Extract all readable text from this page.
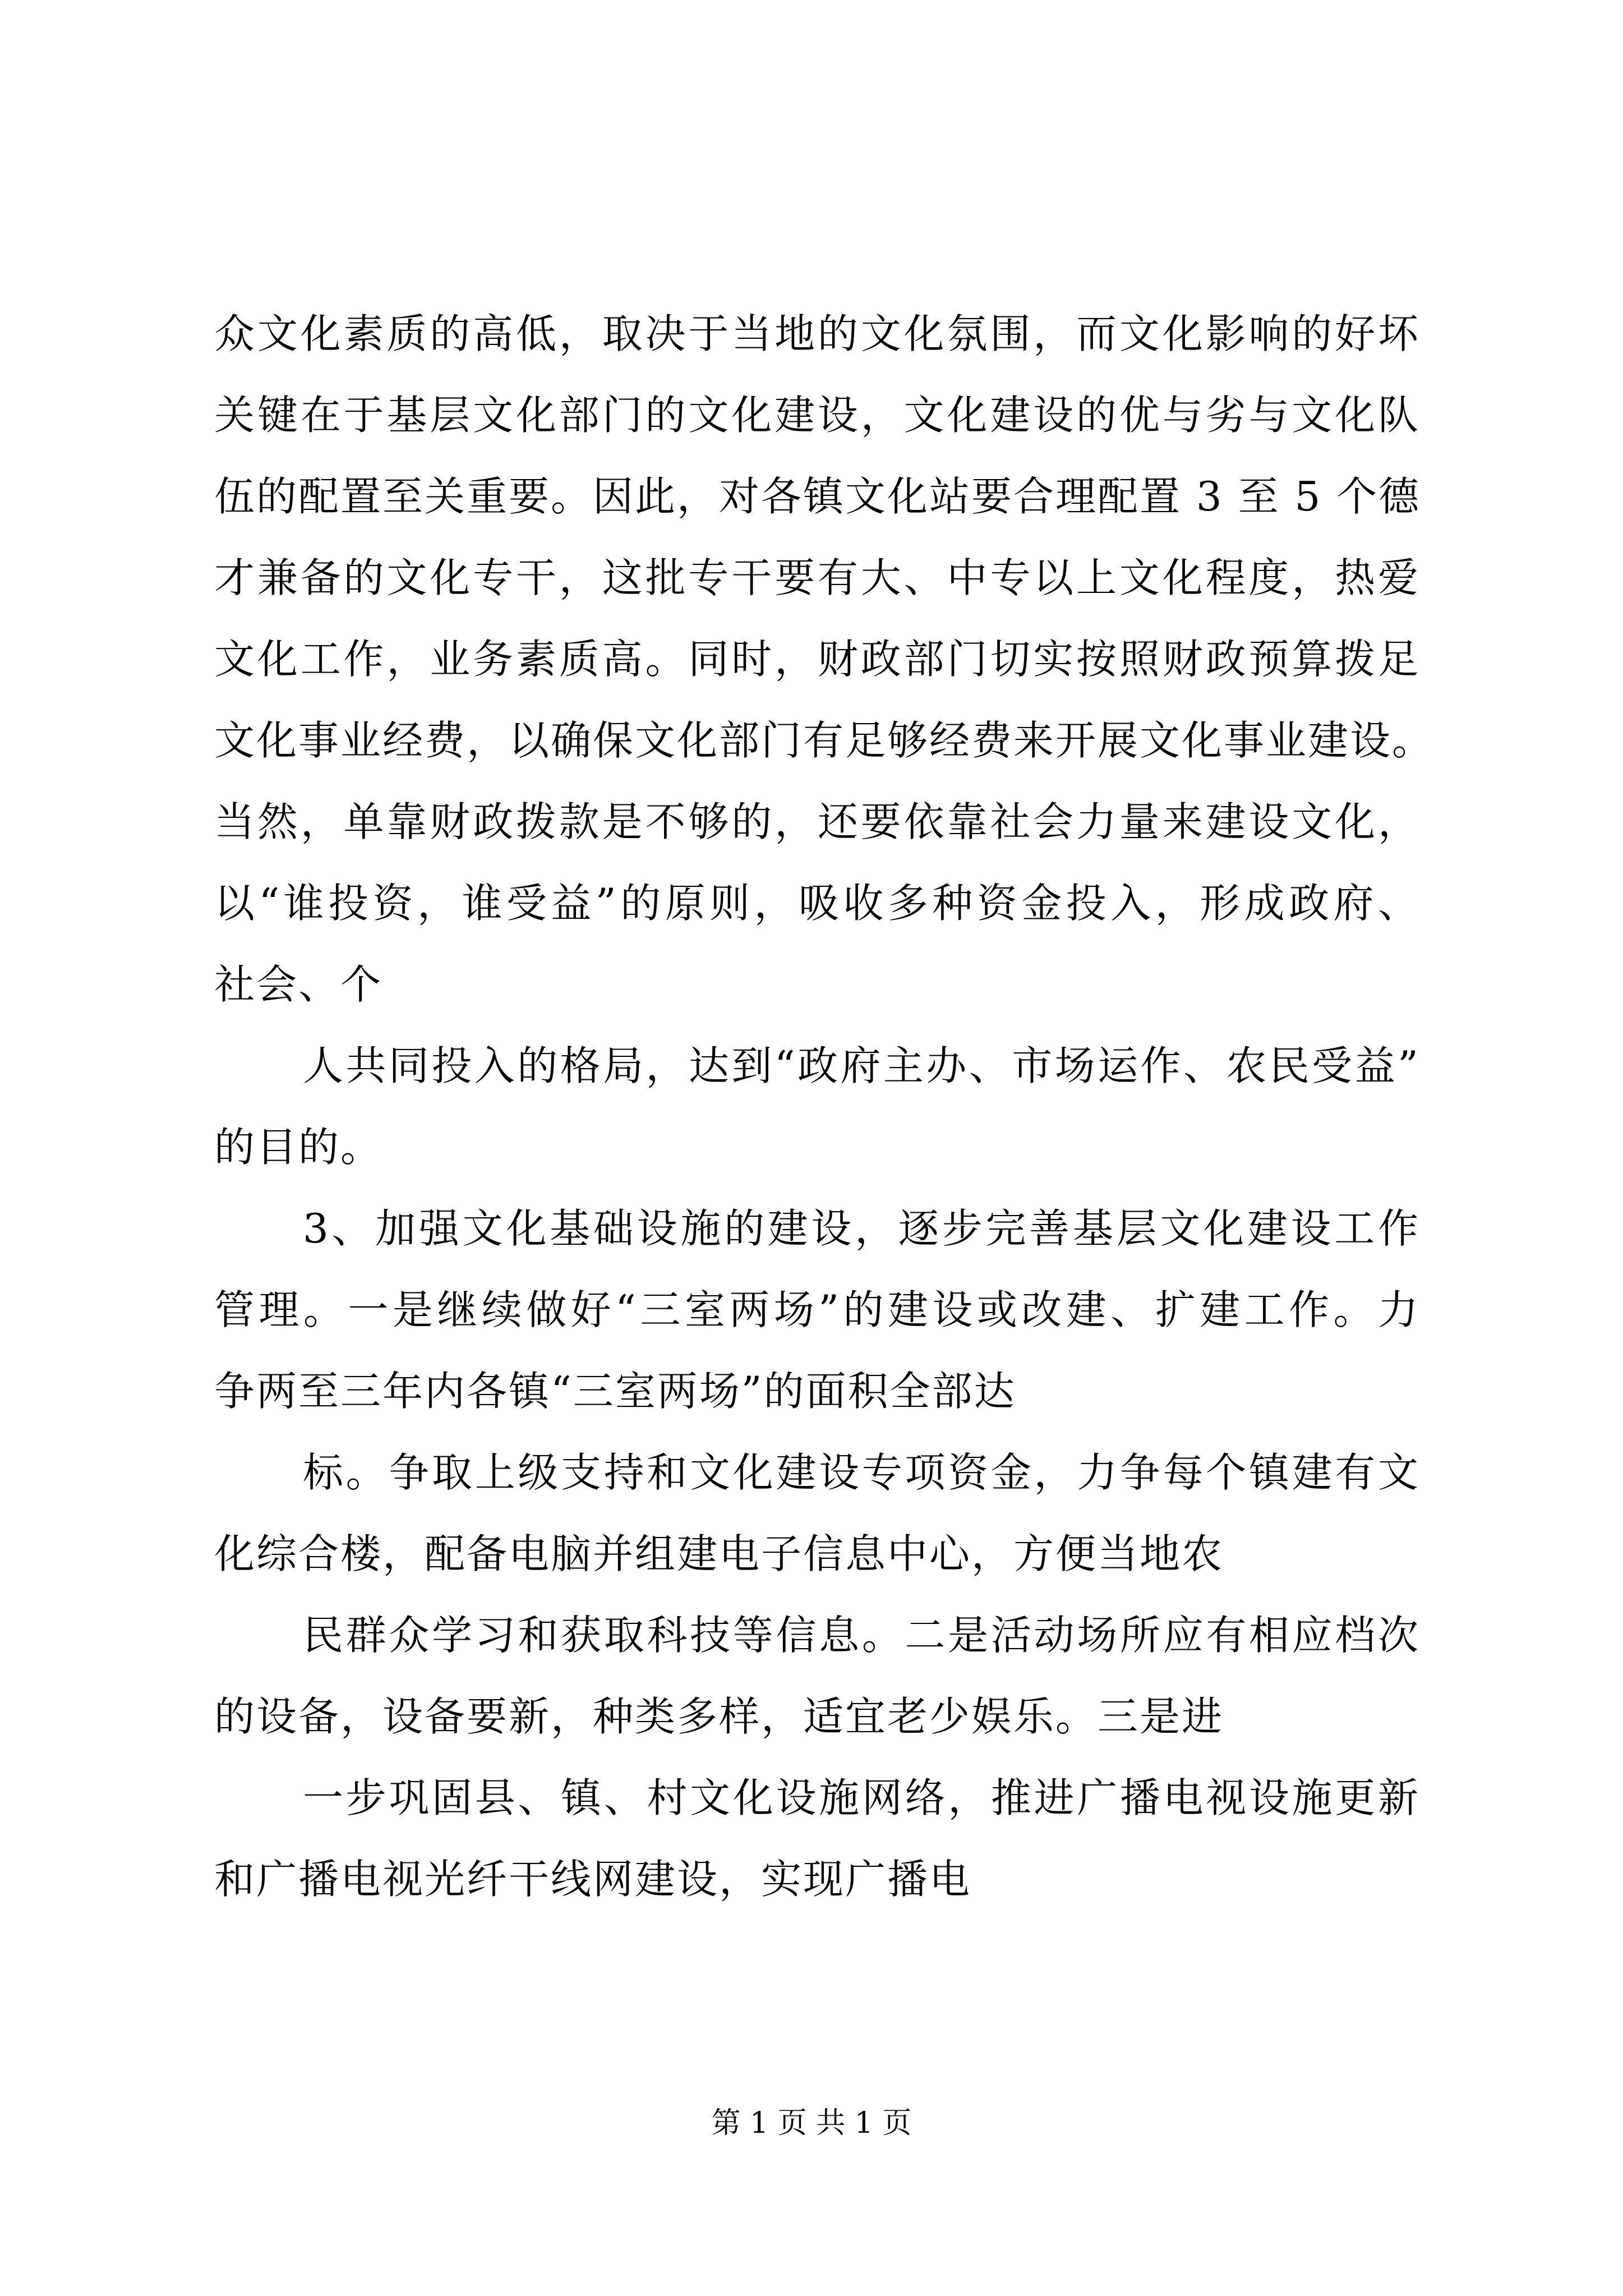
众文化素质的高低，取决于当地的文化氛围，而文化影响的好坏
关键在于基层文化部门的文化建设，文化建设的优与劣与文化队
伍的配置至关重要。因此，对各镇文化站要合理配置 3 至 5 个德
才兼备的文化专干，这批专干要有大、中专以上文化程度，热爱
文化工作，业务素质高。同时，财政部门切实按照财政预算拨足
文化事业经费，以确保文化部门有足够经费来开展文化事业建设。
当然，单靠财政拨款是不够的，还要依靠社会力量来建设文化，
以“谁投资，谁受益”的原则，吸收多种资金投入，形成政府、
社会、个
人共同投入的格局，达到“政府主办、市场运作、农民受益”
的目的。
3、加强文化基础设施的建设，逐步完善基层文化建设工作
管理。一是继续做好“三室两场”的建设或改建、扩建工作。力
争两至三年内各镇“三室两场”的面积全部达
标。争取上级支持和文化建设专项资金，力争每个镇建有文
化综合楼，配备电脑并组建电子信息中心，方便当地农
民群众学习和获取科技等信息。二是活动场所应有相应档次
的设备，设备要新，种类多样，适宜老少娱乐。三是进
一步巩固县、镇、村文化设施网络，推进广播电视设施更新
和广播电视光纤干线网建设，实现广播电
第 1 页 共 1 页
